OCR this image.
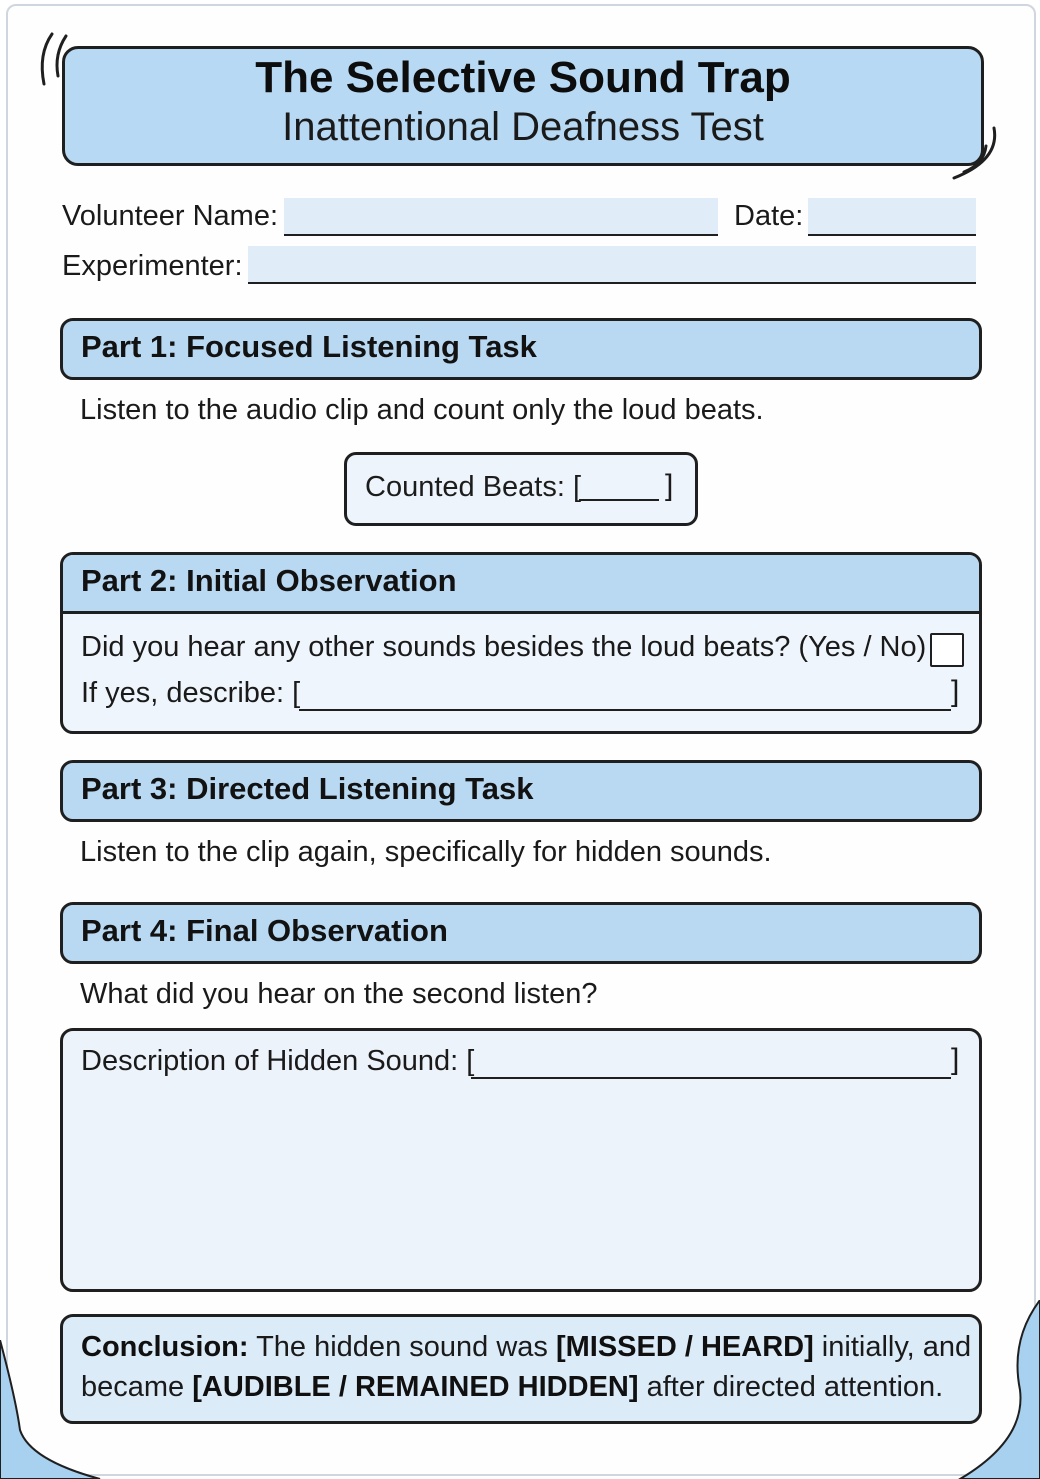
The Selective Sound Trap
Inattentional Deafness Test
Volunteer Name:	Date:
Experimenter:
Part 1: Focused Listening Task
Listen to the audio clip and count only the loud beats.
Counted Beats: [	]
Part 2: Initial Observation
Did you hear any other sounds besides the loud beats? (Yes / No)
If yes, describe: [	]
Part 3: Directed Listening Task
Listen to the clip again, specifically for hidden sounds.
Part 4: Final Observation
What did you hear on the second listen?
Description of Hidden Sound: [	]
Conclusion: The hidden sound was [MISSED / HEARD] initially, and
became [AUDIBLE / REMAINED HIDDEN] after directed attention.
